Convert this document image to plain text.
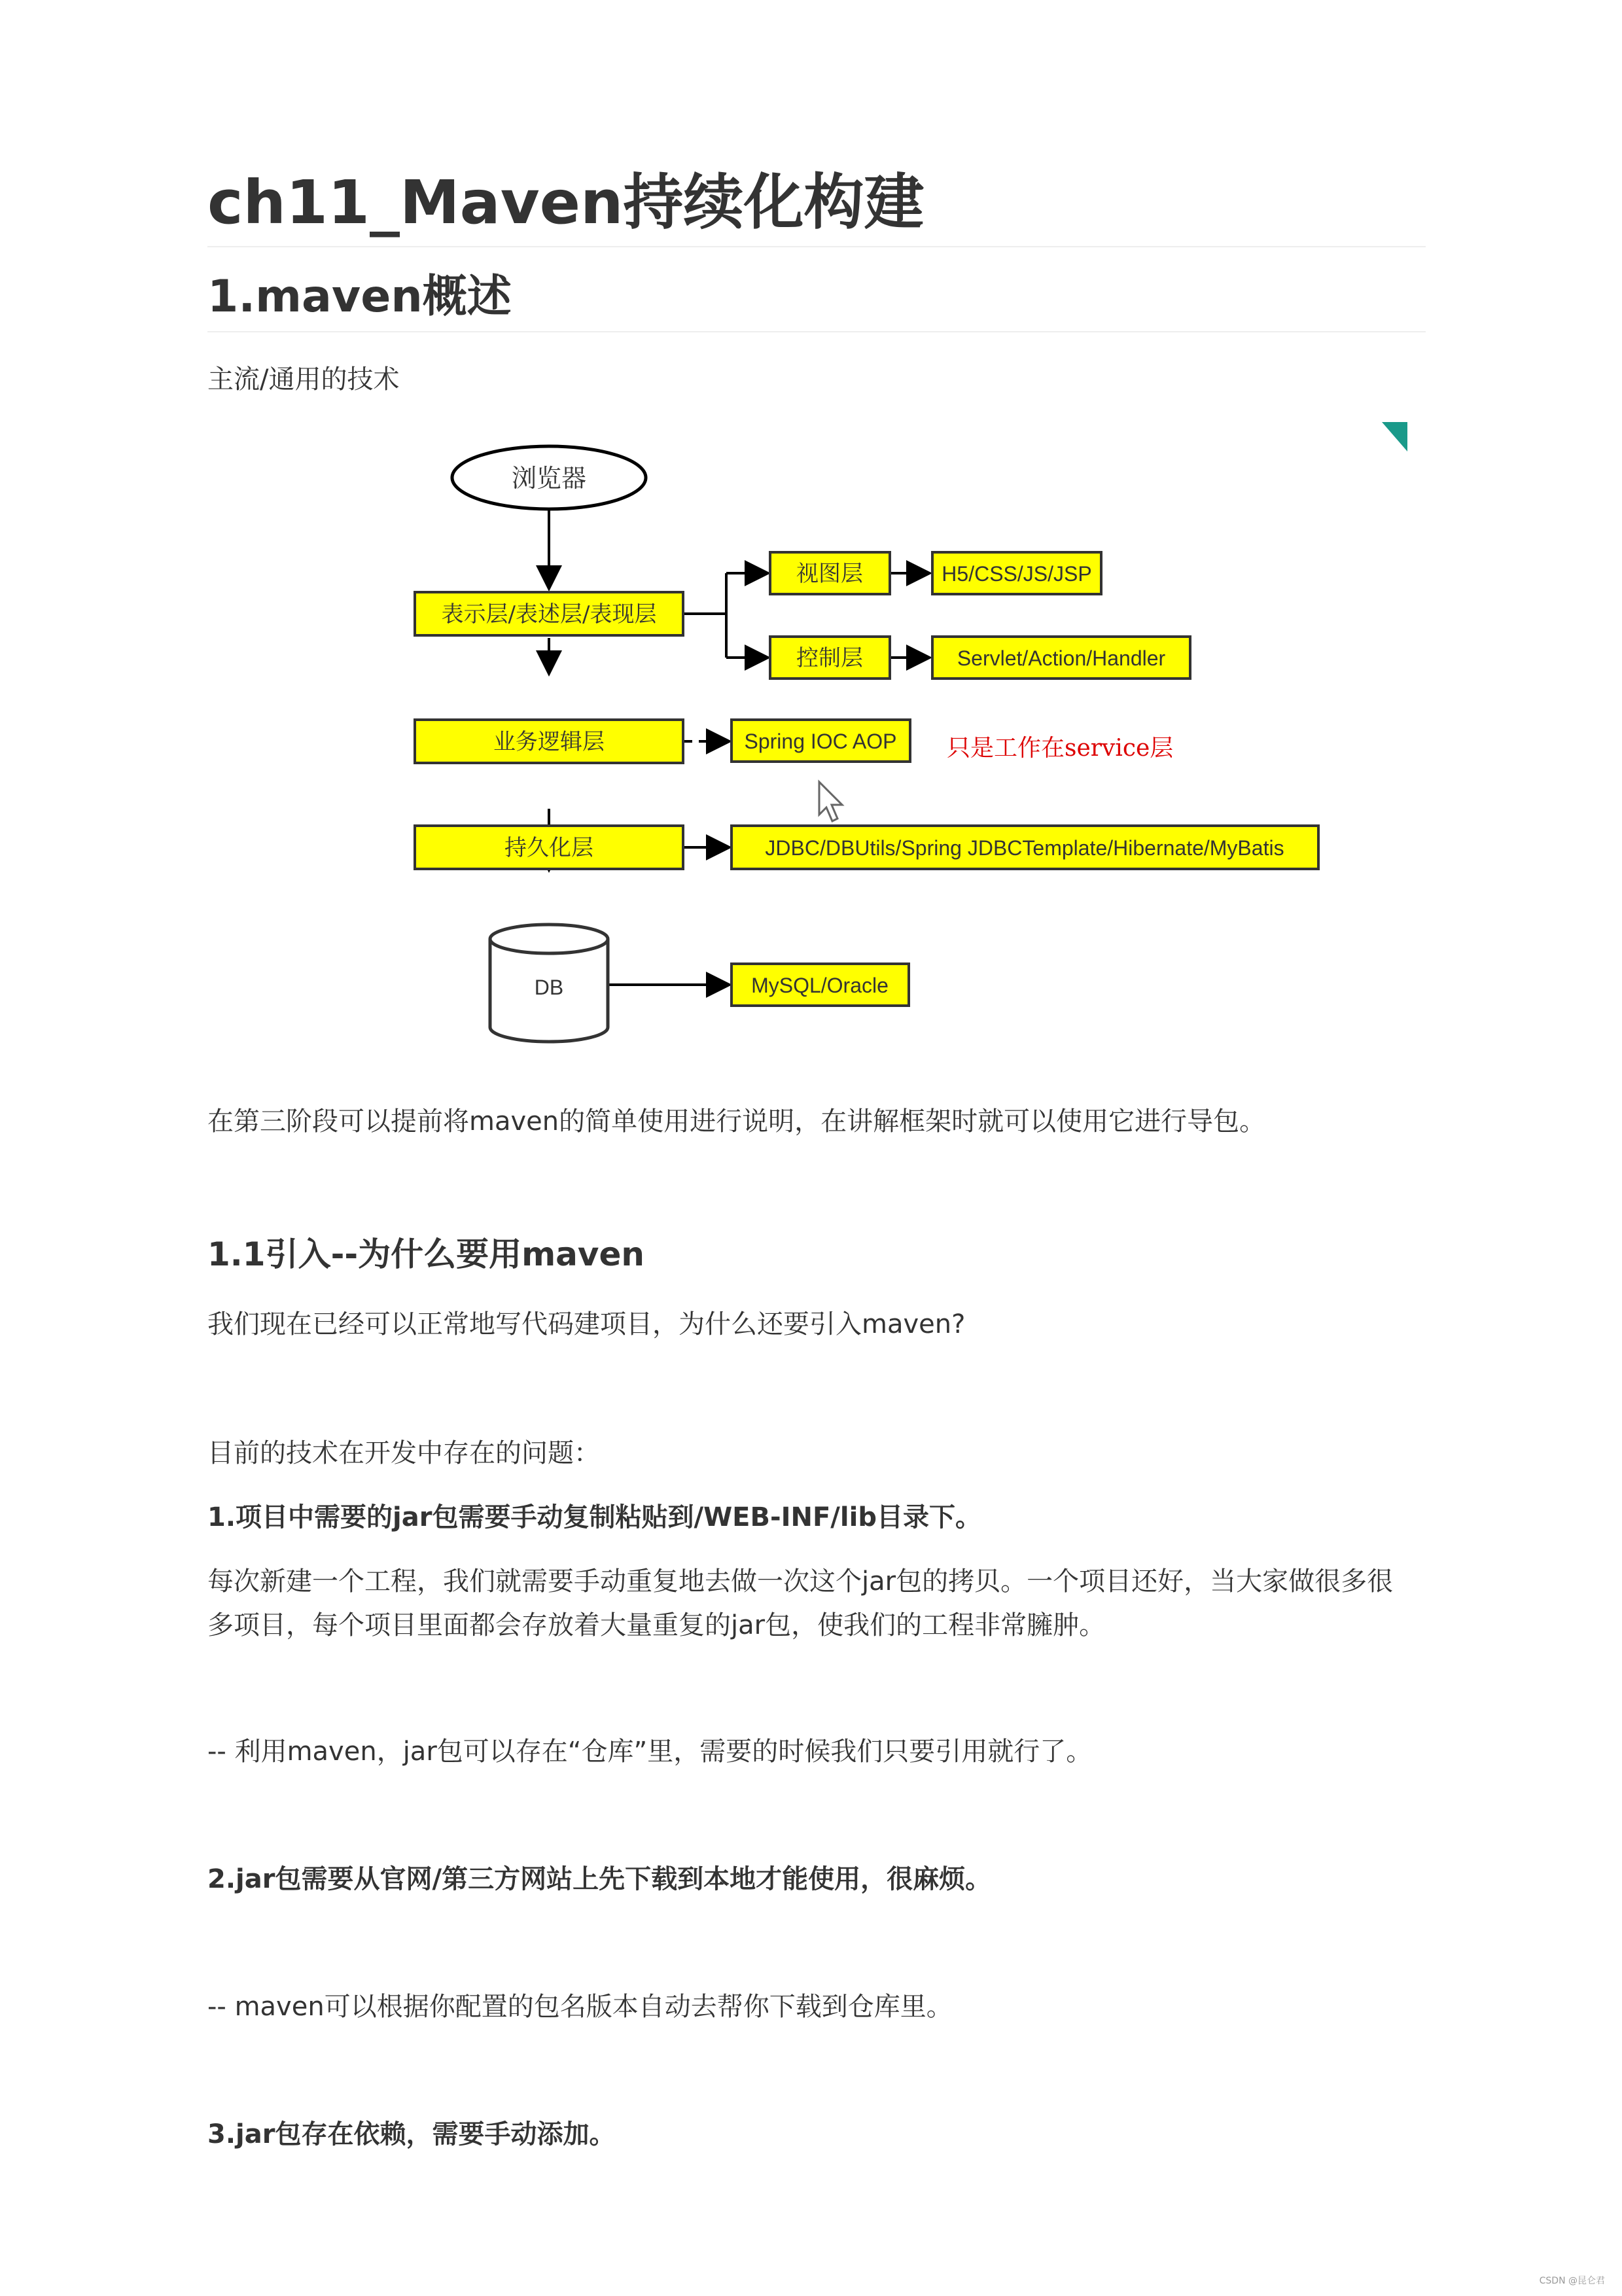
ch11_Maven持续化构建
1.maven概述
主流/通用的技术
浏览器
表示层/表述层/表现层
视图层	H5/CSS/JS/JSP
控制层	Servlet/Action/Handler
业务逻辑层	Spring IOC AOP 只是工作在service层
持久化层	JDBC/DBUtils/Spring JDBCTemplate/Hibernate/MyBatis
DB	MySQL/Oracle
在第三阶段可以提前将maven的简单使用进行说明，在讲解框架时就可以使用它进行导包。
1.1引入--为什么要用maven
我们现在已经可以正常地写代码建项目，为什么还要引入maven?
目前的技术在开发中存在的问题：
1.项目中需要的jar包需要手动复制粘贴到/WEB-INF/lib目录下。
每次新建一个工程，我们就需要手动重复地去做一次这个jar包的拷贝。一个项目还好，当大家做很多很
多项目，每个项目里面都会存放着大量重复的jar包，使我们的工程非常臃肿。
-- 利用maven，jar包可以存在“仓库”里，需要的时候我们只要引用就行了。
2.jar包需要从官网/第三方网站上先下载到本地才能使用，很麻烦。
-- maven可以根据你配置的包名版本自动去帮你下载到仓库里。
3.jar包存在依赖，需要手动添加。
CSDN @昆仑君
